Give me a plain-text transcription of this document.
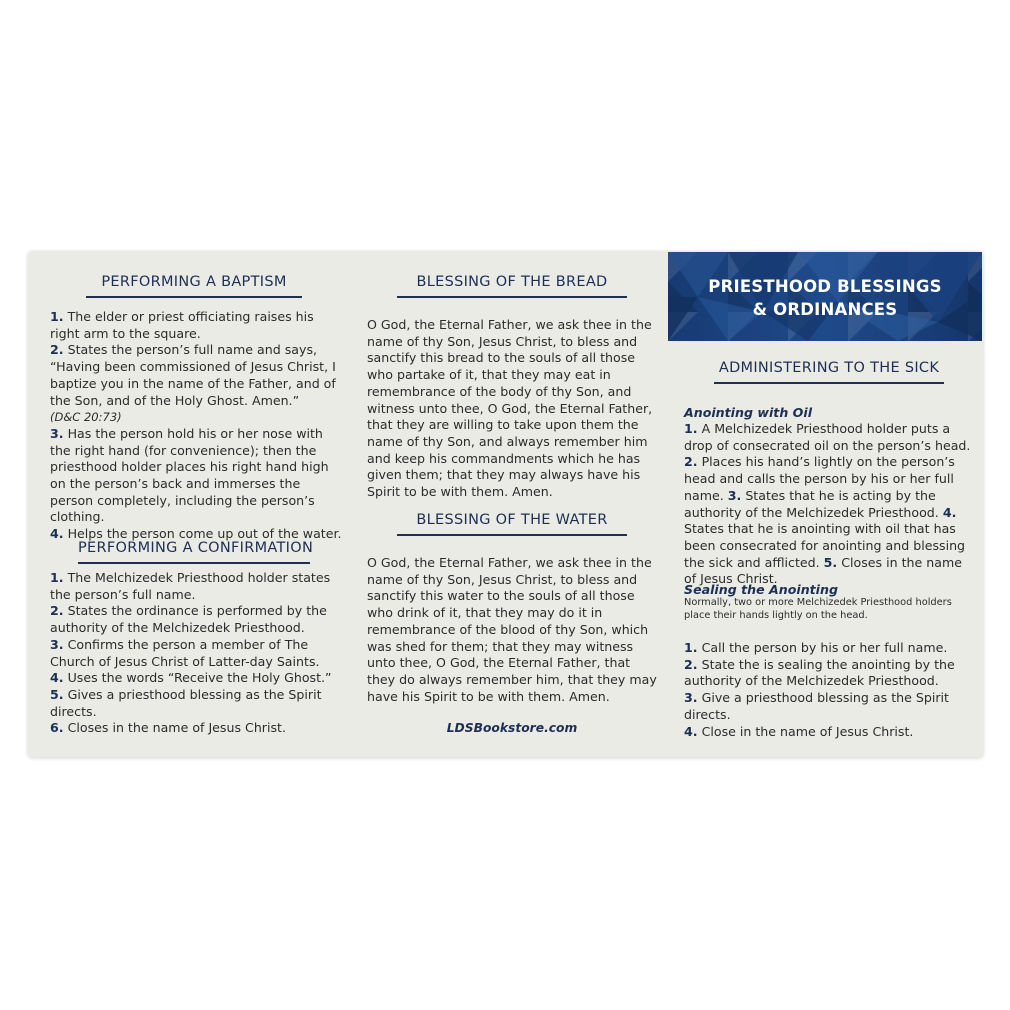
PRIESTHOOD BLESSINGS
& ORDINANCES
PERFORMING A BAPTISM
1. The elder or priest officiating raises his right arm to the square.
2. States the person’s full name and says, “Having been commissioned of Jesus Christ, I baptize you in the name of the Father, and of the Son, and of the Holy Ghost. Amen.”
(D&C 20:73)
3. Has the person hold his or her nose with the right hand (for convenience); then the priesthood holder places his right hand high on the person’s back and immerses the person completely, including the person’s clothing.
4. Helps the person come up out of the water.
PERFORMING A CONFIRMATION
1. The Melchizedek Priesthood holder states the person’s full name.
2. States the ordinance is performed by the authority of the Melchizedek Priesthood.
3. Confirms the person a member of The Church of Jesus Christ of Latter-day Saints.
4. Uses the words “Receive the Holy Ghost.”
5. Gives a priesthood blessing as the Spirit directs.
6. Closes in the name of Jesus Christ.
BLESSING OF THE BREAD
O God, the Eternal Father, we ask thee in the name of thy Son, Jesus Christ, to bless and sanctify this bread to the souls of all those who partake of it, that they may eat in remembrance of the body of thy Son, and witness unto thee, O God, the Eternal Father, that they are willing to take upon them the name of thy Son, and always remember him and keep his commandments which he has given them; that they may always have his Spirit to be with them. Amen.
BLESSING OF THE WATER
O God, the Eternal Father, we ask thee in the name of thy Son, Jesus Christ, to bless and sanctify this water to the souls of all those who drink of it, that they may do it in remembrance of the blood of thy Son, which was shed for them; that they may witness unto thee, O God, the Eternal Father, that they do always remember him, that they may have his Spirit to be with them. Amen.
LDSBookstore.com
ADMINISTERING TO THE SICK
Anointing with Oil
1. A Melchizedek Priesthood holder puts a drop of consecrated oil on the person’s head. 2. Places his hand’s lightly on the person’s head and calls the person by his or her full name. 3. States that he is acting by the authority of the Melchizedek Priesthood. 4. States that he is anointing with oil that has been consecrated for anointing and blessing the sick and afflicted. 5. Closes in the name of Jesus Christ.
Sealing the Anointing
Normally, two or more Melchizedek Priesthood holders place their hands lightly on the head.
1. Call the person by his or her full name.
2. State the is sealing the anointing by the authority of the Melchizedek Priesthood.
3. Give a priesthood blessing as the Spirit directs.
4. Close in the name of Jesus Christ.
